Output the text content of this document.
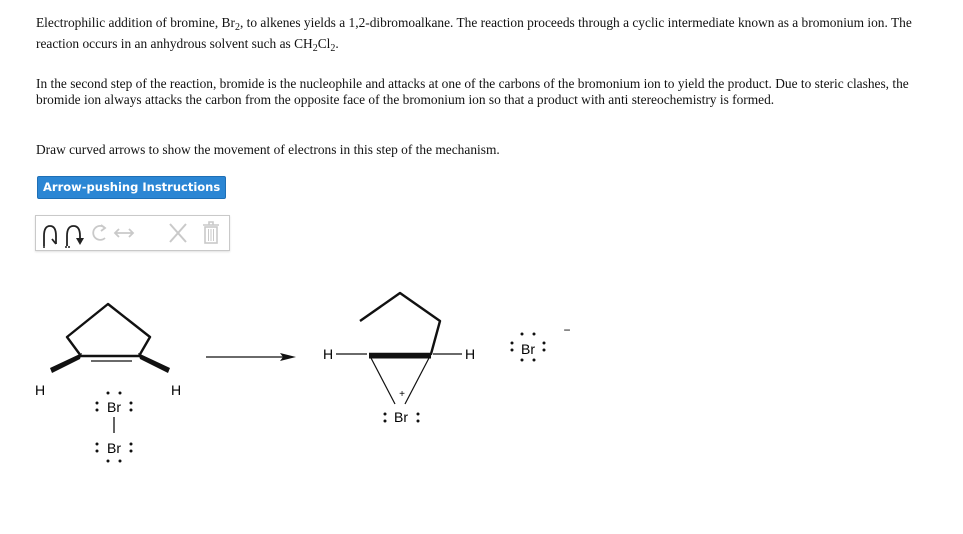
Electrophilic addition of bromine, $Br_2$, to alkenes yields a 1,2-dibromoalkane. The reaction proceeds through a cyclic intermediate known as a bromonium ion. The reaction occurs in an anhydrous solvent such as $CH_2Cl_2$.

In the second step of the reaction, bromide is the nucleophile and attacks at one of the carbons of the bromonium ion to yield the product. Due to steric clashes, the bromide ion always attacks the carbon from the opposite face of the bromonium ion so that a product with anti stereochemistry is formed.

Draw curved arrows to show the movement of electrons in this step of the mechanism.

Arrow-pushing Instructions
H	H
Br
Br
H	H
+
Br
Br
−
